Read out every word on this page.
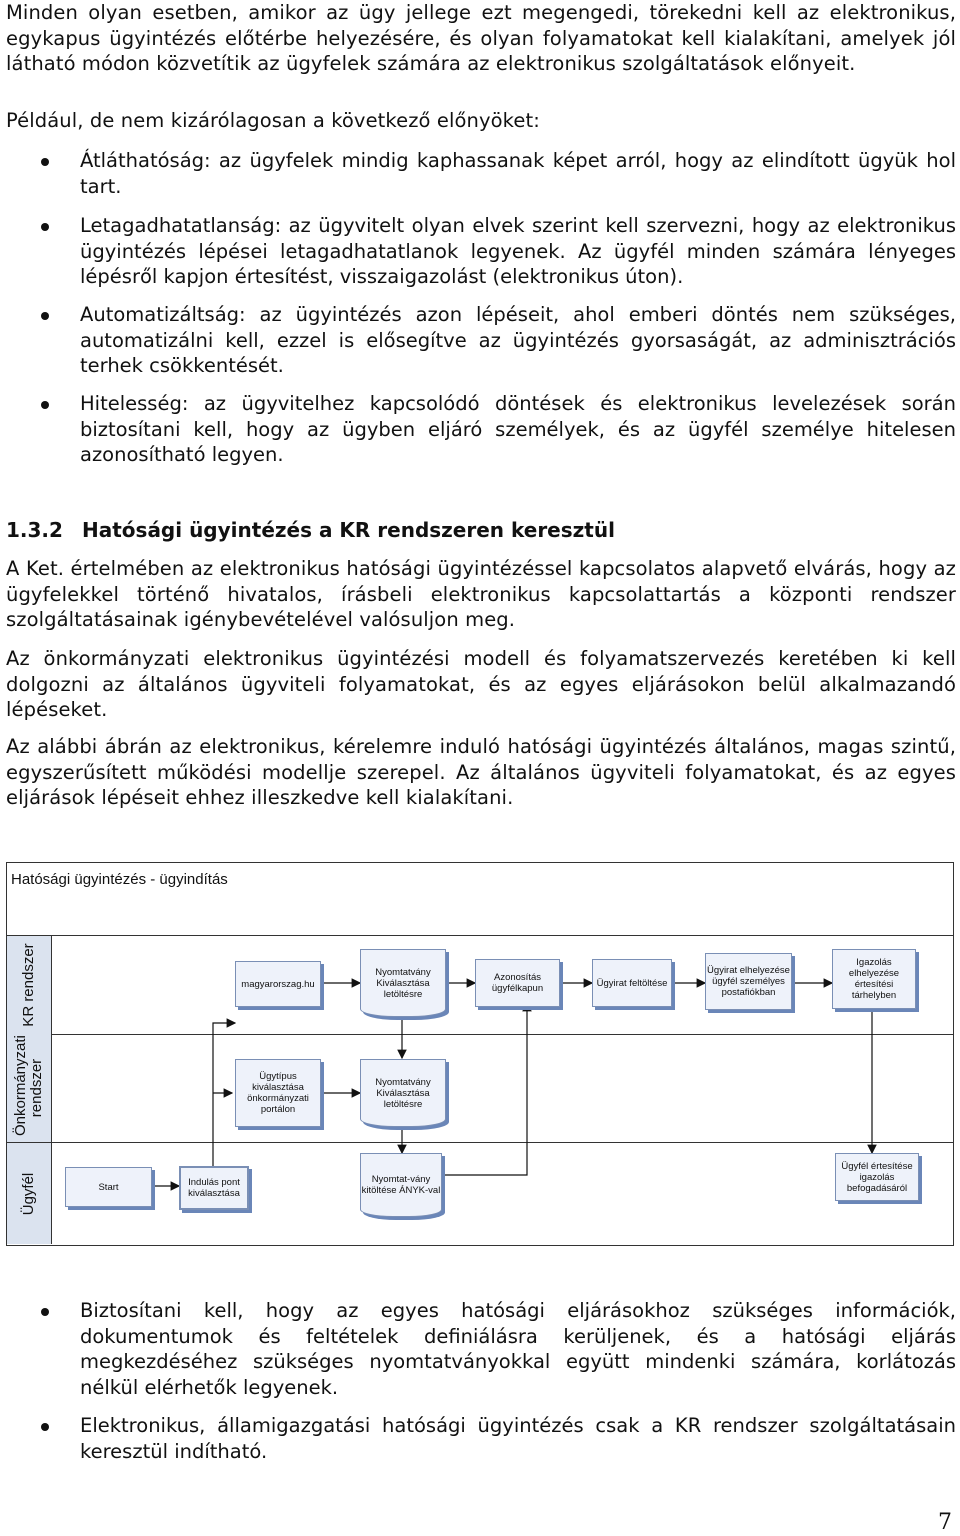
Minden olyan esetben, amikor az ügy jellege ezt megengedi, törekedni kell az elektronikus, egykapus ügyintézés előtérbe helyezésére, és olyan folyamatokat kell kialakítani, amelyek jól látható módon közvetítik az ügyfelek számára az elektronikus szolgáltatások előnyeit.
Például, de nem kizárólagosan a következő előnyöket:
Átláthatóság: az ügyfelek mindig kaphassanak képet arról, hogy az elindított ügyük hol tart.
Letagadhatatlanság: az ügyvitelt olyan elvek szerint kell szervezni, hogy az elektronikus ügyintézés lépései letagadhatatlanok legyenek. Az ügyfél minden számára lényeges lépésről kapjon értesítést, visszaigazolást (elektronikus úton).
Automatizáltság: az ügyintézés azon lépéseit, ahol emberi döntés nem szükséges, automatizálni kell, ezzel is elősegítve az ügyintézés gyorsaságát, az adminisztrációs terhek csökkentését.
Hitelesség: az ügyvitelhez kapcsolódó döntések és elektronikus levelezések során biztosítani kell, hogy az ügyben eljáró személyek, és az ügyfél személye hitelesen azonosítható legyen.
1.3.2 Hatósági ügyintézés a KR rendszeren keresztül
A Ket. értelmében az elektronikus hatósági ügyintézéssel kapcsolatos alapvető elvárás, hogy az ügyfelekkel történő hivatalos, írásbeli elektronikus kapcsolattartás a központi rendszer szolgáltatásainak igénybevételével valósuljon meg.
Az önkormányzati elektronikus ügyintézési modell és folyamatszervezés keretében ki kell dolgozni az általános ügyviteli folyamatokat, és az egyes eljárásokon belül alkalmazandó lépéseket.
Az alábbi ábrán az elektronikus, kérelemre induló hatósági ügyintézés általános, magas szintű, egyszerűsített működési modellje szerepel. Az általános ügyviteli folyamatokat, és az egyes eljárások lépéseit ehhez illeszkedve kell kialakítani.
Hatósági ügyintézés - ügyindítás
KR rendszer
Önkormányzati rendszer
Ügyfél
magyarorszag.hu
Nyomtatvány Kiválasztása letöltésre
Azonosítás ügyfélkapun	Ügyirat feltöltése
Ügyirat elhelyezése ügyfél személyes postafiókban
Igazolás elhelyezése értesítési tárhelyben
Ügytípus kiválasztása önkormányzati portálon
Nyomtatvány Kiválasztása letöltésre
Start	Indulás pont kiválasztása
Nyomtat-vány kitöltése ÁNYK-val
Ügyfél értesítése igazolás befogadásáról
Biztosítani kell, hogy az egyes hatósági eljárásokhoz szükséges információk, dokumentumok és feltételek definiálásra kerüljenek, és a hatósági eljárás megkezdéséhez szükséges nyomtatványokkal együtt mindenki számára, korlátozás nélkül elérhetők legyenek.
Elektronikus, államigazgatási hatósági ügyintézés csak a KR rendszer szolgáltatásain keresztül indítható.
7
